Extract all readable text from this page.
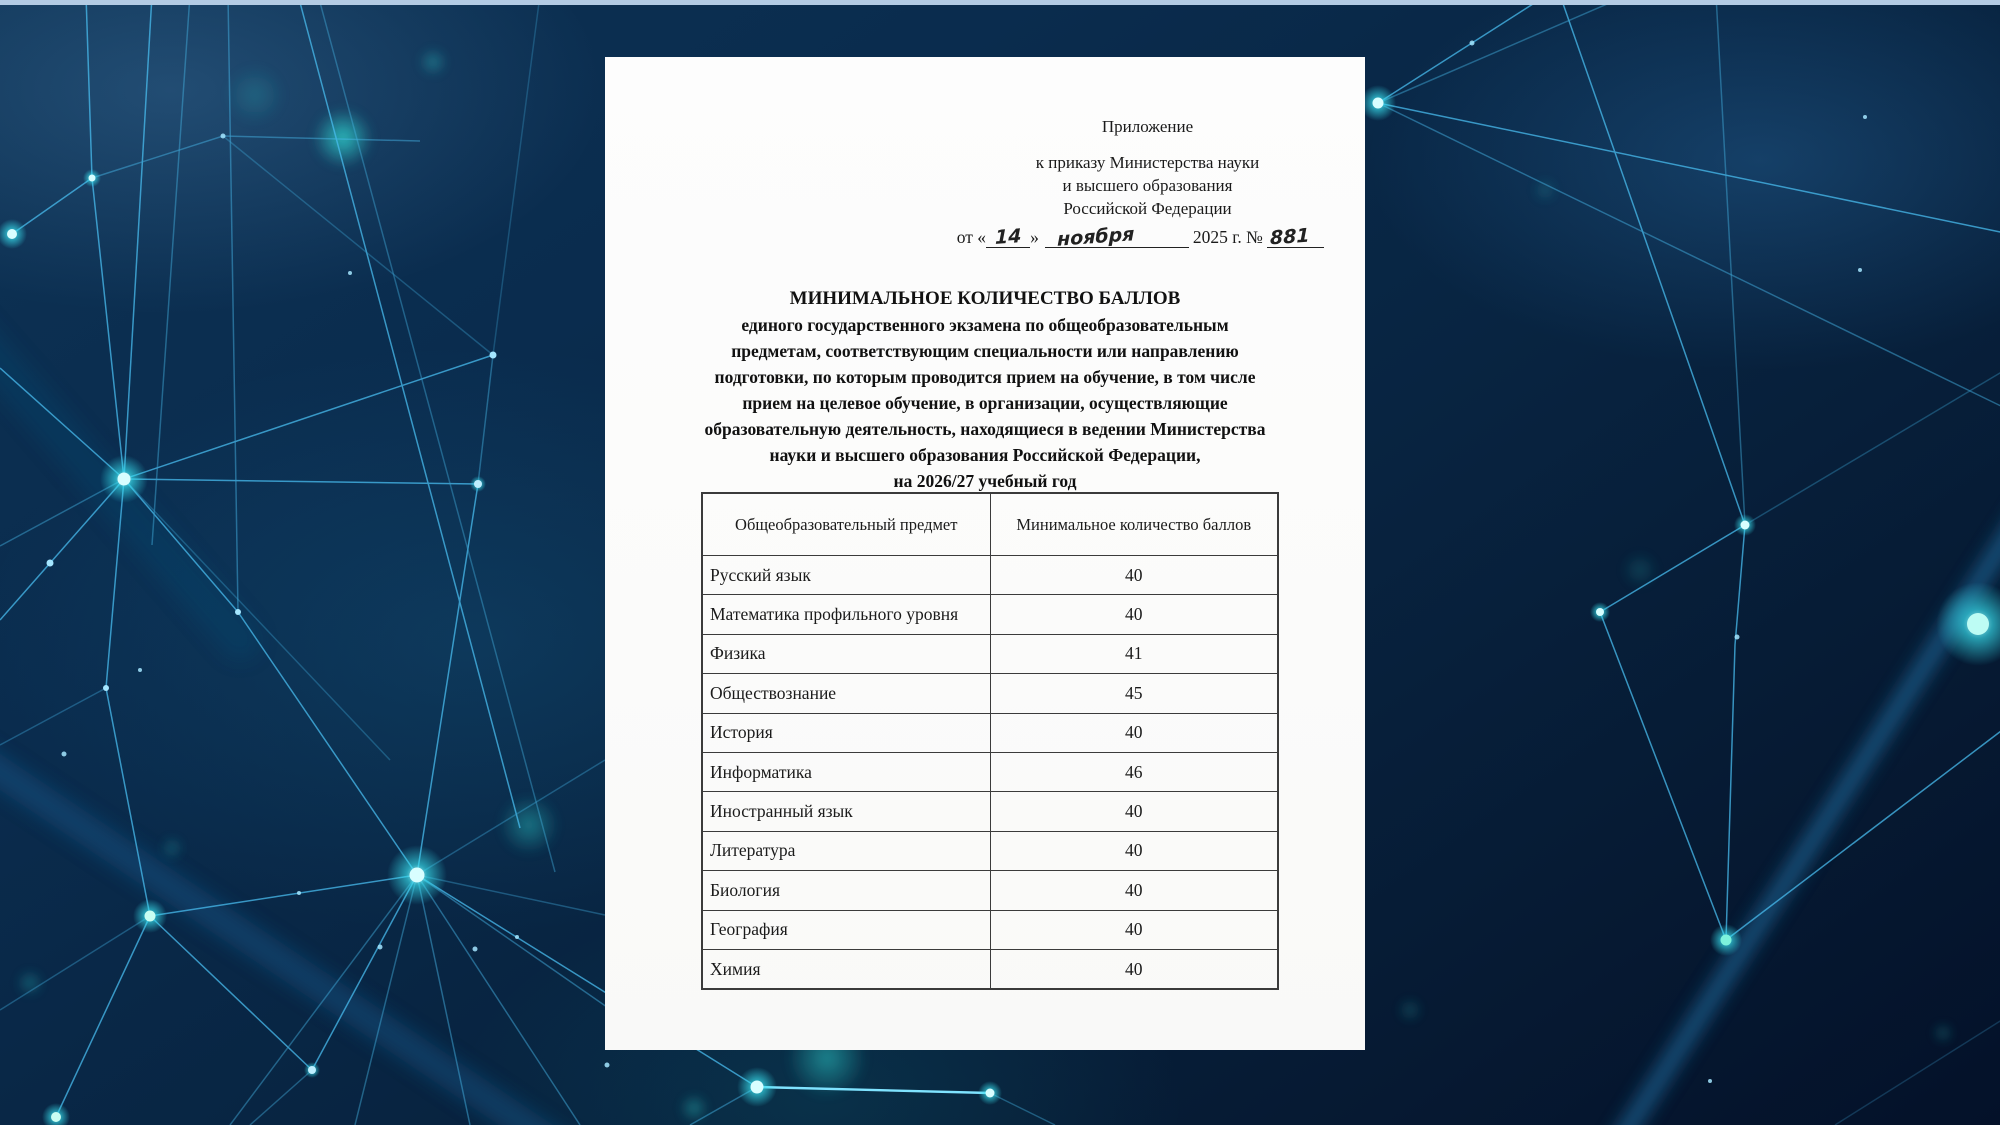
Приложение
к приказу Министерства науки
и высшего образования
Российской Федерации
от « 14 » ноября	2025 г. № 881
МИНИМАЛЬНОЕ КОЛИЧЕСТВО БАЛЛОВ
единого государственного экзамена по общеобразовательным
предметам, соответствующим специальности или направлению
подготовки, по которым проводится прием на обучение, в том числе
прием на целевое обучение, в организации, осуществляющие
образовательную деятельность, находящиеся в ведении Министерства
науки и высшего образования Российской Федерации,
на 2026/27 учебный год
Общеобразовательный предмет	Минимальное количество баллов
Русский язык	40
Математика профильного уровня	40
Физика	41
Обществознание	45
История	40
Информатика	46
Иностранный язык	40
Литература	40
Биология	40
География	40
Химия	40
